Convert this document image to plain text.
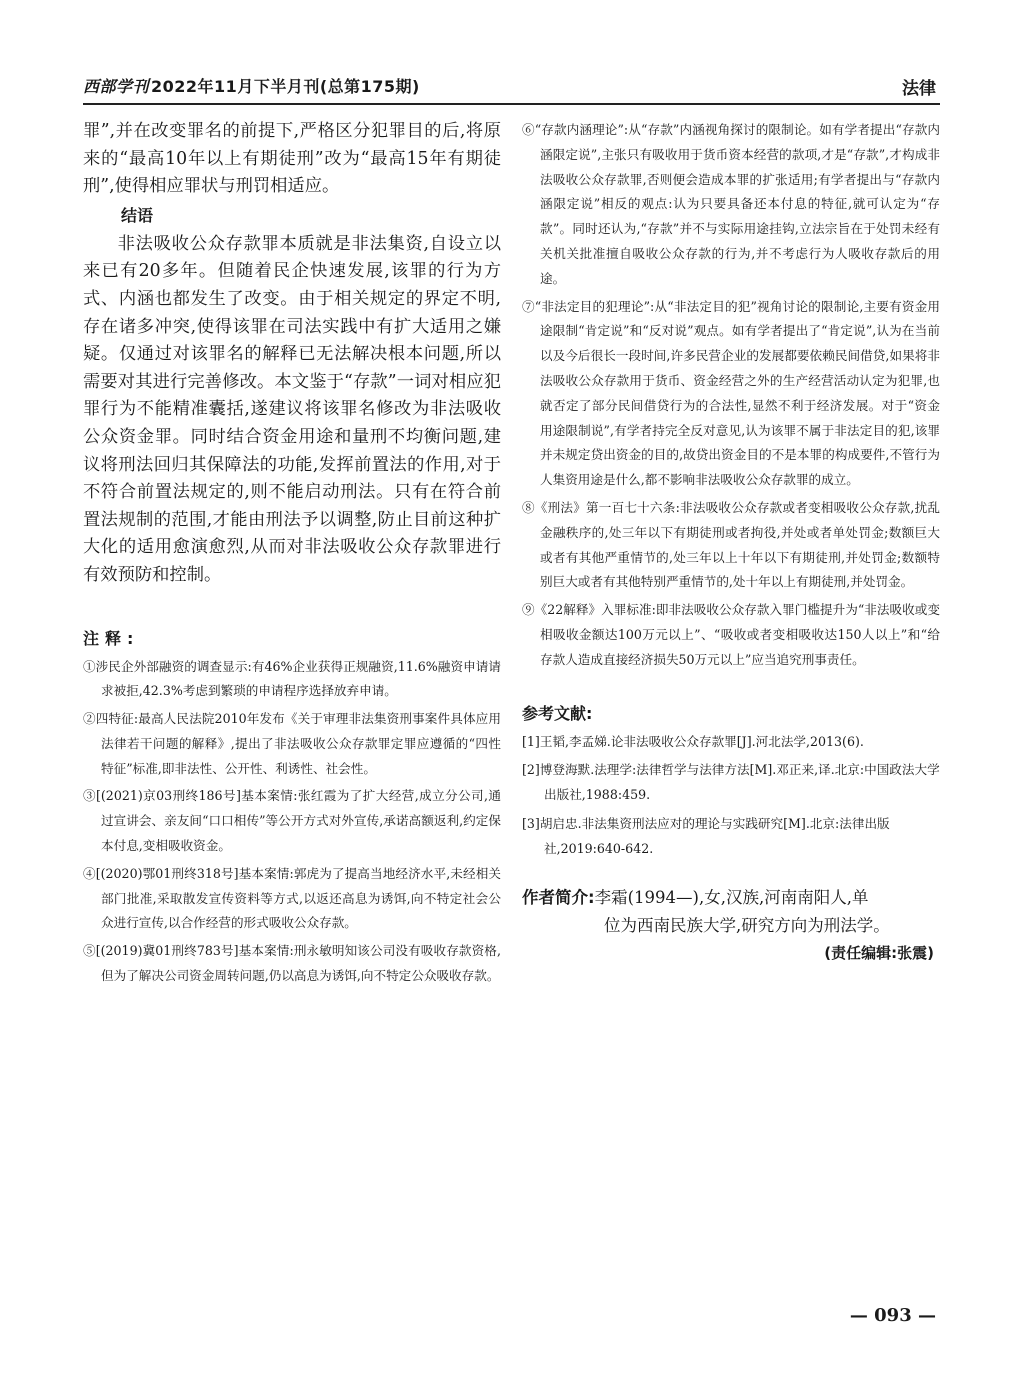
西部学刊 2022年11月下半月刊(总第175期)	法律

罪”,并在改变罪名的前提下,严格区分犯罪目的后,将原来的“最高10年以上有期徒刑”改为“最高15年有期徒刑”,使得相应罪状与刑罚相适应。

结语

非法吸收公众存款罪本质就是非法集资,自设立以来已有20多年。但随着民企快速发展,该罪的行为方式、内涵也都发生了改变。由于相关规定的界定不明,存在诸多冲突,使得该罪在司法实践中有扩大适用之嫌疑。仅通过对该罪名的解释已无法解决根本问题,所以需要对其进行完善修改。本文鉴于“存款”一词对相应犯罪行为不能精准囊括,遂建议将该罪名修改为非法吸收公众资金罪。同时结合资金用途和量刑不均衡问题,建议将刑法回归其保障法的功能,发挥前置法的作用,对于不符合前置法规定的,则不能启动刑法。只有在符合前置法规制的范围,才能由刑法予以调整,防止目前这种扩大化的适用愈演愈烈,从而对非法吸收公众存款罪进行有效预防和控制。

注释:
①涉民企外部融资的调查显示:有46%企业获得正规融资,11.6%融资申请请求被拒,42.3%考虑到繁琐的申请程序选择放弃申请。
②四特征:最高人民法院2010年发布《关于审理非法集资刑事案件具体应用法律若干问题的解释》,提出了非法吸收公众存款罪定罪应遵循的“四性特征”标准,即非法性、公开性、利诱性、社会性。
③[(2021)京03刑终186号]基本案情:张红霞为了扩大经营,成立分公司,通过宣讲会、亲友间“口口相传”等公开方式对外宣传,承诺高额返利,约定保本付息,变相吸收资金。
④[(2020)鄂01刑终318号]基本案情:郭虎为了提高当地经济水平,未经相关部门批准,采取散发宣传资料等方式,以返还高息为诱饵,向不特定社会公众进行宣传,以合作经营的形式吸收公众存款。
⑤[(2019)冀01刑终783号]基本案情:刑永敏明知该公司没有吸收存款资格,但为了解决公司资金周转问题,仍以高息为诱饵,向不特定公众吸收存款。
⑥“存款内涵理论”:从“存款”内涵视角探讨的限制论。如有学者提出“存款内涵限定说”,主张只有吸收用于货币资本经营的款项,才是“存款”,才构成非法吸收公众存款罪,否则便会造成本罪的扩张适用;有学者提出与“存款内涵限定说”相反的观点:认为只要具备还本付息的特征,就可认定为“存款”。同时还认为,“存款”并不与实际用途挂钩,立法宗旨在于处罚未经有关机关批准擅自吸收公众存款的行为,并不考虑行为人吸收存款后的用途。
⑦“非法定目的犯理论”:从“非法定目的犯”视角讨论的限制论,主要有资金用途限制“肯定说”和“反对说”观点。如有学者提出了“肯定说”,认为在当前以及今后很长一段时间,许多民营企业的发展都要依赖民间借贷,如果将非法吸收公众存款用于货币、资金经营之外的生产经营活动认定为犯罪,也就否定了部分民间借贷行为的合法性,显然不利于经济发展。对于“资金用途限制说”,有学者持完全反对意见,认为该罪不属于非法定目的犯,该罪并未规定贷出资金的目的,故贷出资金目的不是本罪的构成要件,不管行为人集资用途是什么,都不影响非法吸收公众存款罪的成立。
⑧《刑法》第一百七十六条:非法吸收公众存款或者变相吸收公众存款,扰乱金融秩序的,处三年以下有期徒刑或者拘役,并处或者单处罚金;数额巨大或者有其他严重情节的,处三年以上十年以下有期徒刑,并处罚金;数额特别巨大或者有其他特别严重情节的,处十年以上有期徒刑,并处罚金。
⑨《22解释》入罪标准:即非法吸收公众存款入罪门槛提升为“非法吸收或变相吸收金额达100万元以上”、“吸收或者变相吸收达150人以上”和“给存款人造成直接经济损失50万元以上”应当追究刑事责任。
参考文献:
[1]王韬,李孟娣.论非法吸收公众存款罪[J].河北法学,2013(6).
[2]博登海默.法理学:法律哲学与法律方法[M].邓正来,译.北京:中国政法大学出版社,1988:459.
[3]胡启忠.非法集资刑法应对的理论与实践研究[M].北京:法律出版社,2019:640-642.
作者简介:李霜(1994—),女,汉族,河南南阳人,单
位为西南民族大学,研究方向为刑法学。
(责任编辑:张震)
— 093 —
